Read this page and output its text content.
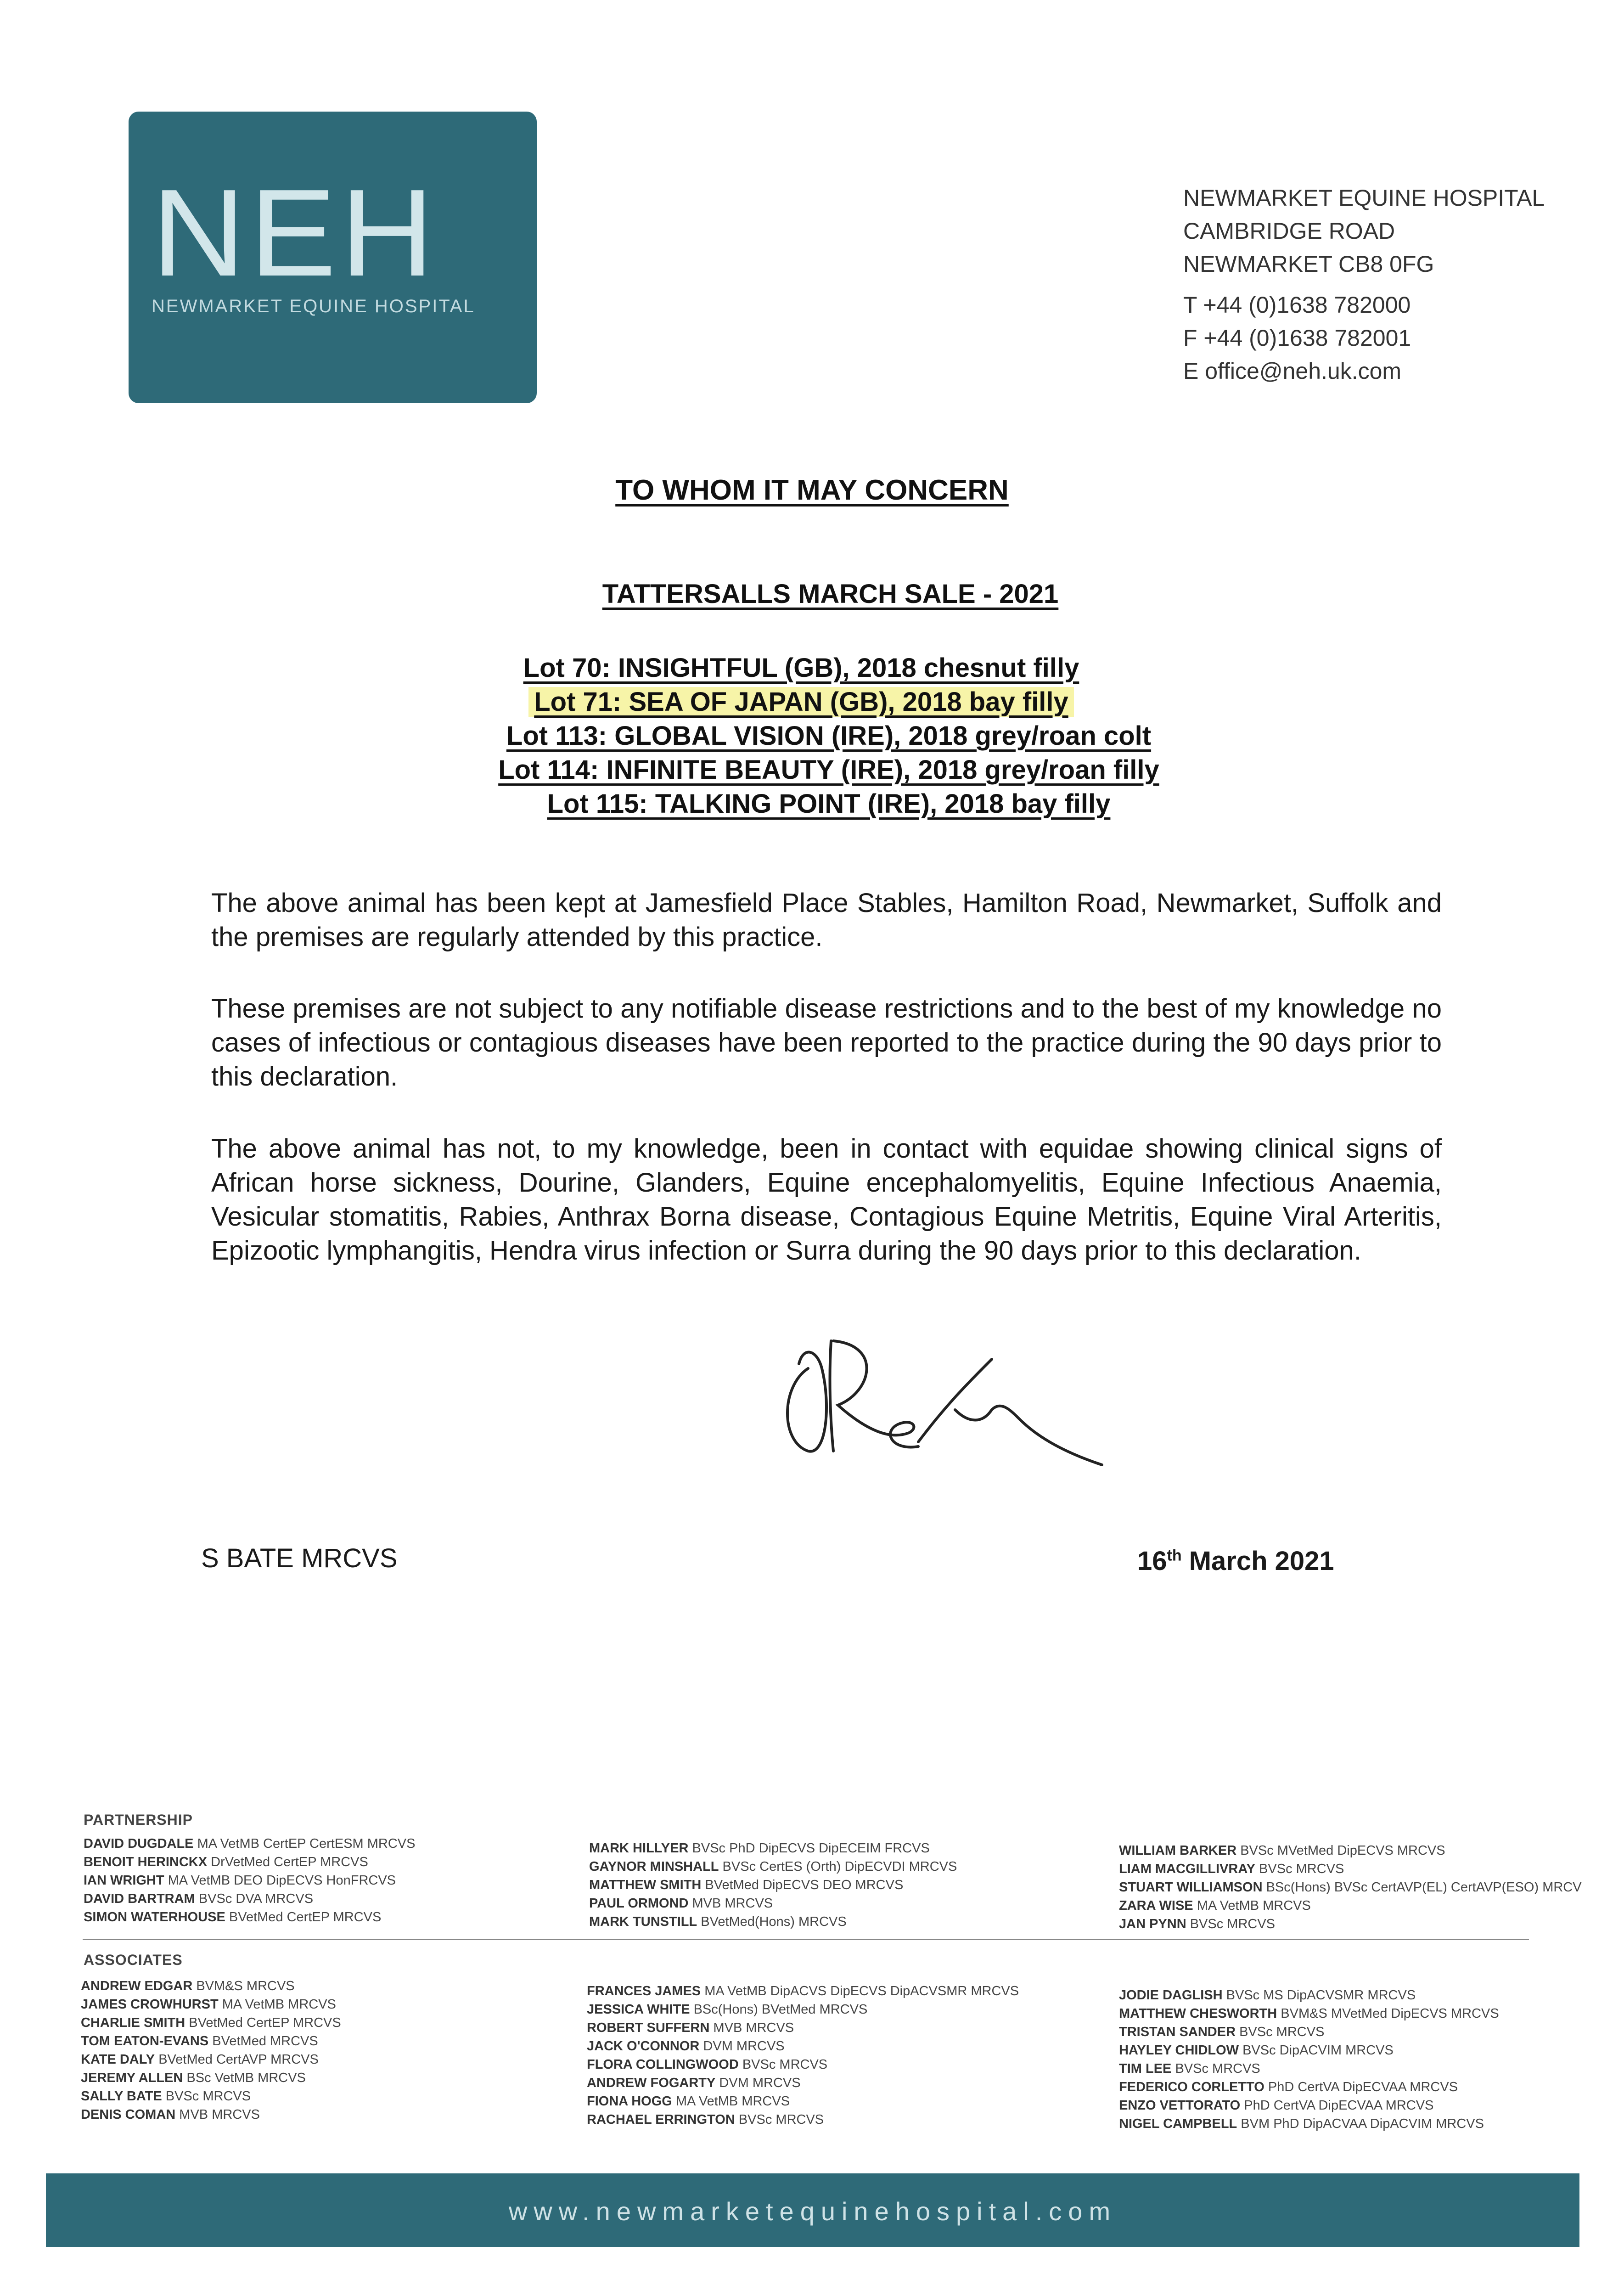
NEH
NEWMARKET EQUINE HOSPITAL
NEWMARKET EQUINE HOSPITAL
CAMBRIDGE ROAD
NEWMARKET CB8 0FG
T +44 (0)1638 782000
F +44 (0)1638 782001
E office@neh.uk.com
TO WHOM IT MAY CONCERN
TATTERSALLS MARCH SALE - 2021
Lot 70: INSIGHTFUL (GB), 2018 chesnut filly
Lot 71: SEA OF JAPAN (GB), 2018 bay filly
Lot 113: GLOBAL VISION (IRE), 2018 grey/roan colt
Lot 114: INFINITE BEAUTY (IRE), 2018 grey/roan filly
Lot 115: TALKING POINT (IRE), 2018 bay filly
The above animal has been kept at Jamesfield Place Stables, Hamilton Road, Newmarket, Suffolk and the premises are regularly attended by this practice.
These premises are not subject to any notifiable disease restrictions and to the best of my knowledge no cases of infectious or contagious diseases have been reported to the practice during the 90 days prior to this declaration.
The above animal has not, to my knowledge, been in contact with equidae showing clinical signs of African horse sickness, Dourine, Glanders, Equine encephalomyelitis, Equine Infectious Anaemia, Vesicular stomatitis, Rabies, Anthrax Borna disease, Contagious Equine Metritis, Equine Viral Arteritis, Epizootic lymphangitis, Hendra virus infection or Surra during the 90 days prior to this declaration.
S BATE MRCVS	16th March 2021
PARTNERSHIP
DAVID DUGDALE MA VetMB CertEP CertESM MRCVS
BENOIT HERINCKX DrVetMed CertEP MRCVS
IAN WRIGHT MA VetMB DEO DipECVS HonFRCVS
DAVID BARTRAM BVSc DVA MRCVS
SIMON WATERHOUSE BVetMed CertEP MRCVS
MARK HILLYER BVSc PhD DipECVS DipECEIM FRCVS
GAYNOR MINSHALL BVSc CertES (Orth) DipECVDI MRCVS
MATTHEW SMITH BVetMed DipECVS DEO MRCVS
PAUL ORMOND MVB MRCVS
MARK TUNSTILL BVetMed(Hons) MRCVS
WILLIAM BARKER BVSc MVetMed DipECVS MRCVS
LIAM MACGILLIVRAY BVSc MRCVS
STUART WILLIAMSON BSc(Hons) BVSc CertAVP(EL) CertAVP(ESO) MRCV
ZARA WISE MA VetMB MRCVS
JAN PYNN BVSc MRCVS
ASSOCIATES
ANDREW EDGAR BVM&S MRCVS
JAMES CROWHURST MA VetMB MRCVS
CHARLIE SMITH BVetMed CertEP MRCVS
TOM EATON-EVANS BVetMed MRCVS
KATE DALY BVetMed CertAVP MRCVS
JEREMY ALLEN BSc VetMB MRCVS
SALLY BATE BVSc MRCVS
DENIS COMAN MVB MRCVS
FRANCES JAMES MA VetMB DipACVS DipECVS DipACVSMR MRCVS
JESSICA WHITE BSc(Hons) BVetMed MRCVS
ROBERT SUFFERN MVB MRCVS
JACK O'CONNOR DVM MRCVS
FLORA COLLINGWOOD BVSc MRCVS
ANDREW FOGARTY DVM MRCVS
FIONA HOGG MA VetMB MRCVS
RACHAEL ERRINGTON BVSc MRCVS
JODIE DAGLISH BVSc MS DipACVSMR MRCVS
MATTHEW CHESWORTH BVM&S MVetMed DipECVS MRCVS
TRISTAN SANDER BVSc MRCVS
HAYLEY CHIDLOW BVSc DipACVIM MRCVS
TIM LEE BVSc MRCVS
FEDERICO CORLETTO PhD CertVA DipECVAA MRCVS
ENZO VETTORATO PhD CertVA DipECVAA MRCVS
NIGEL CAMPBELL BVM PhD DipACVAA DipACVIM MRCVS
www.newmarketequinehospital.com
